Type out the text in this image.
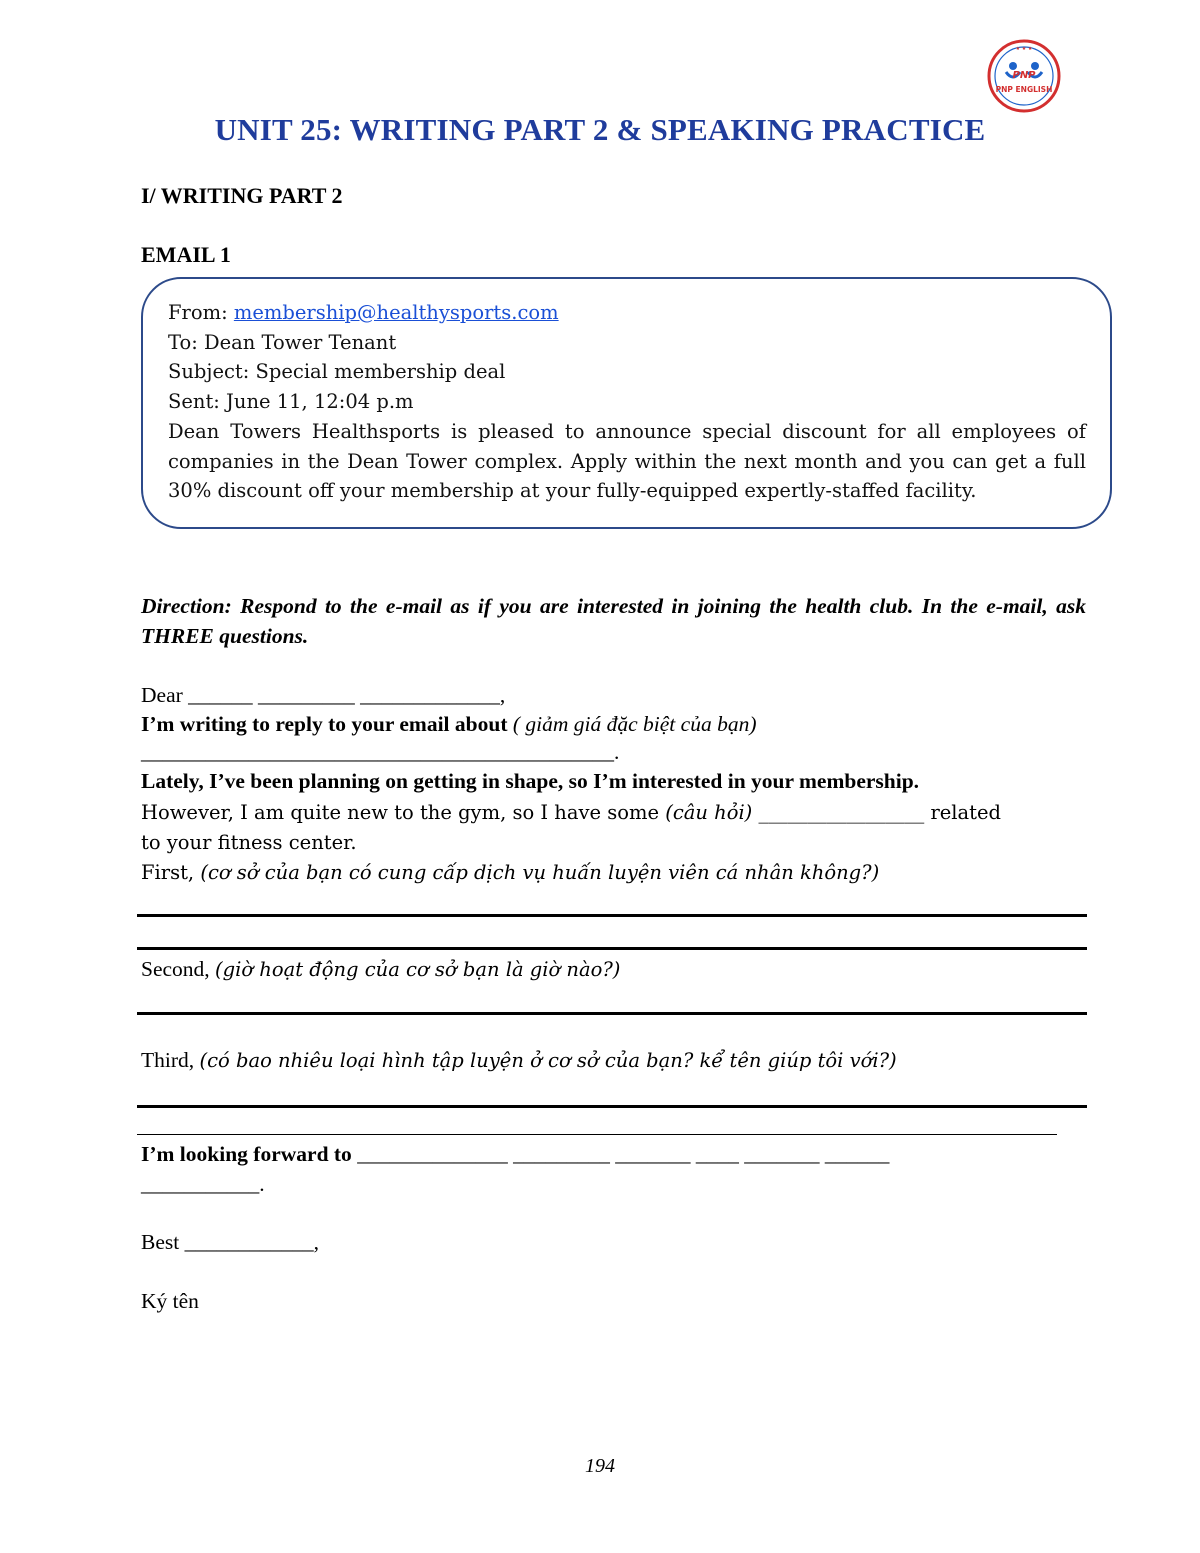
★ ★ ★
PNP
PNP ENGLISH
UNIT 25: WRITING PART 2 & SPEAKING PRACTICE
I/ WRITING PART 2
EMAIL 1
From: membership@healthysports.com
To: Dean Tower Tenant
Subject: Special membership deal
Sent: June 11, 12:04 p.m
Dean Towers Healthsports is pleased to announce special discount for all employees of companies in the Dean Tower complex. Apply within the next month and you can get a full 30% discount off your membership at your fully-equipped expertly-staffed facility.
Direction: Respond to the e-mail as if you are interested in joining the health club. In the e-mail, ask THREE questions.
Dear ______ _________ _____________,
I’m writing to reply to your email about ( giảm giá đặc biệt của bạn)
____________________________________________.
Lately, I’ve been planning on getting in shape, so I’m interested in your membership.
However, I am quite new to the gym, so I have some (câu hỏi) _________________ related
to your fitness center.
First, (cơ sở của bạn có cung cấp dịch vụ huấn luyện viên cá nhân không?)
Second, (giờ hoạt động của cơ sở bạn là giờ nào?)
Third, (có bao nhiêu loại hình tập luyện ở cơ sở của bạn? kể tên giúp tôi với?)
I’m looking forward to ______________ _________ _______ ____ _______ ______
___________.
Best ____________,
Ký tên
194
